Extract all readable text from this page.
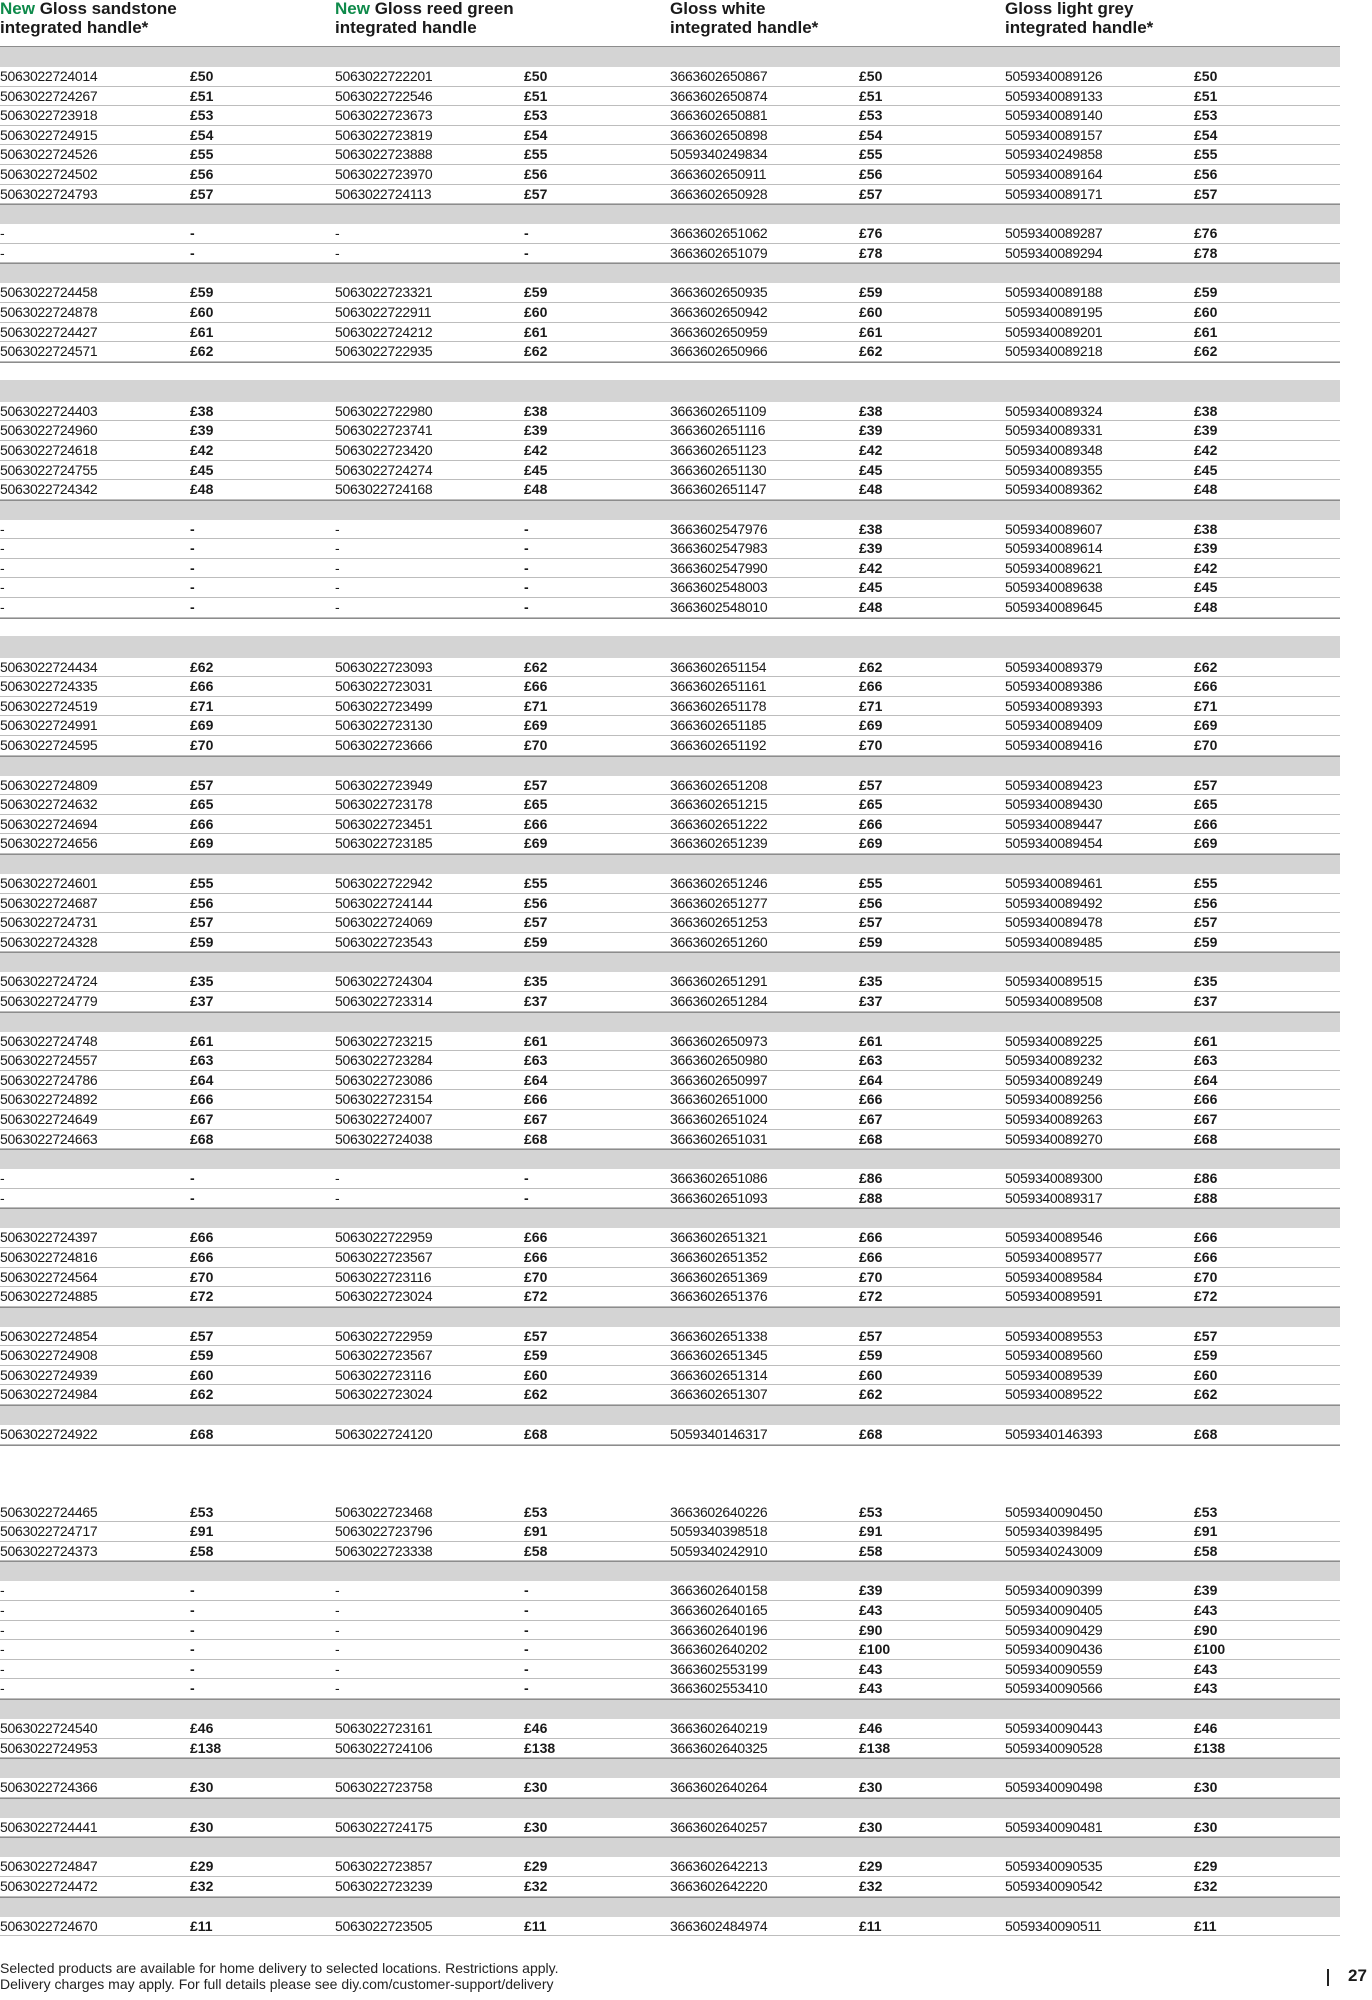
New Gloss sandstone
integrated handle*
New Gloss reed green
integrated handle
Gloss white
integrated handle*
Gloss light grey
integrated handle*
5063022724014	£50	5063022722201	£50	3663602650867	£50	5059340089126	£50
5063022724267	£51	5063022722546	£51	3663602650874	£51	5059340089133	£51
5063022723918	£53	5063022723673	£53	3663602650881	£53	5059340089140	£53
5063022724915	£54	5063022723819	£54	3663602650898	£54	5059340089157	£54
5063022724526	£55	5063022723888	£55	5059340249834	£55	5059340249858	£55
5063022724502	£56	5063022723970	£56	3663602650911	£56	5059340089164	£56
5063022724793	£57	5063022724113	£57	3663602650928	£57	5059340089171	£57
-	-	-	-	3663602651062	£76	5059340089287	£76
-	-	-	-	3663602651079	£78	5059340089294	£78
5063022724458	£59	5063022723321	£59	3663602650935	£59	5059340089188	£59
5063022724878	£60	5063022722911	£60	3663602650942	£60	5059340089195	£60
5063022724427	£61	5063022724212	£61	3663602650959	£61	5059340089201	£61
5063022724571	£62	5063022722935	£62	3663602650966	£62	5059340089218	£62
5063022724403	£38	5063022722980	£38	3663602651109	£38	5059340089324	£38
5063022724960	£39	5063022723741	£39	3663602651116	£39	5059340089331	£39
5063022724618	£42	5063022723420	£42	3663602651123	£42	5059340089348	£42
5063022724755	£45	5063022724274	£45	3663602651130	£45	5059340089355	£45
5063022724342	£48	5063022724168	£48	3663602651147	£48	5059340089362	£48
-	-	-	-	3663602547976	£38	5059340089607	£38
-	-	-	-	3663602547983	£39	5059340089614	£39
-	-	-	-	3663602547990	£42	5059340089621	£42
-	-	-	-	3663602548003	£45	5059340089638	£45
-	-	-	-	3663602548010	£48	5059340089645	£48
5063022724434	£62	5063022723093	£62	3663602651154	£62	5059340089379	£62
5063022724335	£66	5063022723031	£66	3663602651161	£66	5059340089386	£66
5063022724519	£71	5063022723499	£71	3663602651178	£71	5059340089393	£71
5063022724991	£69	5063022723130	£69	3663602651185	£69	5059340089409	£69
5063022724595	£70	5063022723666	£70	3663602651192	£70	5059340089416	£70
5063022724809	£57	5063022723949	£57	3663602651208	£57	5059340089423	£57
5063022724632	£65	5063022723178	£65	3663602651215	£65	5059340089430	£65
5063022724694	£66	5063022723451	£66	3663602651222	£66	5059340089447	£66
5063022724656	£69	5063022723185	£69	3663602651239	£69	5059340089454	£69
5063022724601	£55	5063022722942	£55	3663602651246	£55	5059340089461	£55
5063022724687	£56	5063022724144	£56	3663602651277	£56	5059340089492	£56
5063022724731	£57	5063022724069	£57	3663602651253	£57	5059340089478	£57
5063022724328	£59	5063022723543	£59	3663602651260	£59	5059340089485	£59
5063022724724	£35	5063022724304	£35	3663602651291	£35	5059340089515	£35
5063022724779	£37	5063022723314	£37	3663602651284	£37	5059340089508	£37
5063022724748	£61	5063022723215	£61	3663602650973	£61	5059340089225	£61
5063022724557	£63	5063022723284	£63	3663602650980	£63	5059340089232	£63
5063022724786	£64	5063022723086	£64	3663602650997	£64	5059340089249	£64
5063022724892	£66	5063022723154	£66	3663602651000	£66	5059340089256	£66
5063022724649	£67	5063022724007	£67	3663602651024	£67	5059340089263	£67
5063022724663	£68	5063022724038	£68	3663602651031	£68	5059340089270	£68
-	-	-	-	3663602651086	£86	5059340089300	£86
-	-	-	-	3663602651093	£88	5059340089317	£88
5063022724397	£66	5063022722959	£66	3663602651321	£66	5059340089546	£66
5063022724816	£66	5063022723567	£66	3663602651352	£66	5059340089577	£66
5063022724564	£70	5063022723116	£70	3663602651369	£70	5059340089584	£70
5063022724885	£72	5063022723024	£72	3663602651376	£72	5059340089591	£72
5063022724854	£57	5063022722959	£57	3663602651338	£57	5059340089553	£57
5063022724908	£59	5063022723567	£59	3663602651345	£59	5059340089560	£59
5063022724939	£60	5063022723116	£60	3663602651314	£60	5059340089539	£60
5063022724984	£62	5063022723024	£62	3663602651307	£62	5059340089522	£62
5063022724922	£68	5063022724120	£68	5059340146317	£68	5059340146393	£68
5063022724465	£53	5063022723468	£53	3663602640226	£53	5059340090450	£53
5063022724717	£91	5063022723796	£91	5059340398518	£91	5059340398495	£91
5063022724373	£58	5063022723338	£58	5059340242910	£58	5059340243009	£58
-	-	-	-	3663602640158	£39	5059340090399	£39
-	-	-	-	3663602640165	£43	5059340090405	£43
-	-	-	-	3663602640196	£90	5059340090429	£90
-	-	-	-	3663602640202	£100	5059340090436	£100
-	-	-	-	3663602553199	£43	5059340090559	£43
-	-	-	-	3663602553410	£43	5059340090566	£43
5063022724540	£46	5063022723161	£46	3663602640219	£46	5059340090443	£46
5063022724953	£138	5063022724106	£138	3663602640325	£138	5059340090528	£138
5063022724366	£30	5063022723758	£30	3663602640264	£30	5059340090498	£30
5063022724441	£30	5063022724175	£30	3663602640257	£30	5059340090481	£30
5063022724847	£29	5063022723857	£29	3663602642213	£29	5059340090535	£29
5063022724472	£32	5063022723239	£32	3663602642220	£32	5059340090542	£32
5063022724670	£11	5063022723505	£11	3663602484974	£11	5059340090511	£11
Selected products are available for home delivery to selected locations. Restrictions apply.
Delivery charges may apply. For full details please see diy.com/customer-support/delivery	27
